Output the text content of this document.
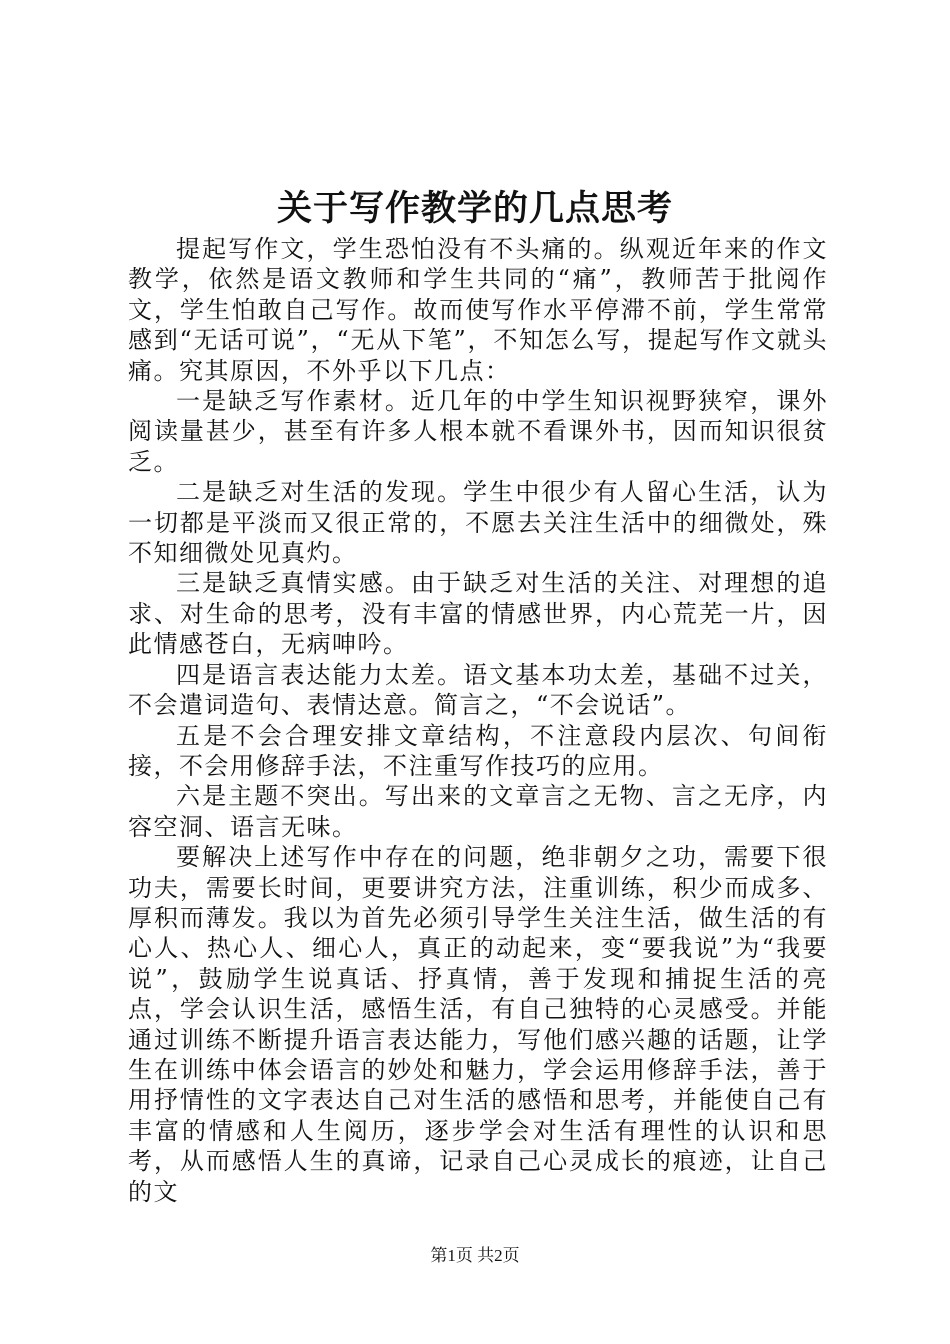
关于写作教学的几点思考

提起写作文，学生恐怕没有不头痛的。纵观近年来的作文教学，依然是语文教师和学生共同的“痛”，教师苦于批阅作文，学生怕敢自己写作。故而使写作水平停滞不前，学生常常感到“无话可说”，“无从下笔”，不知怎么写，提起写作文就头痛。究其原因，不外乎以下几点：

一是缺乏写作素材。近几年的中学生知识视野狭窄，课外阅读量甚少，甚至有许多人根本就不看课外书，因而知识很贫乏。

二是缺乏对生活的发现。学生中很少有人留心生活，认为一切都是平淡而又很正常的，不愿去关注生活中的细微处，殊不知细微处见真灼。

三是缺乏真情实感。由于缺乏对生活的关注、对理想的追求、对生命的思考，没有丰富的情感世界，内心荒芜一片，因此情感苍白，无病呻吟。

四是语言表达能力太差。语文基本功太差，基础不过关，不会遣词造句、表情达意。简言之，“不会说话”。

五是不会合理安排文章结构，不注意段内层次、句间衔接，不会用修辞手法，不注重写作技巧的应用。

六是主题不突出。写出来的文章言之无物、言之无序，内容空洞、语言无味。

要解决上述写作中存在的问题，绝非朝夕之功，需要下很功夫，需要长时间，更要讲究方法，注重训练，积少而成多、厚积而薄发。我以为首先必须引导学生关注生活，做生活的有心人、热心人、细心人，真正的动起来，变“要我说”为“我要说”，鼓励学生说真话、抒真情，善于发现和捕捉生活的亮点，学会认识生活，感悟生活，有自己独特的心灵感受。并能通过训练不断提升语言表达能力，写他们感兴趣的话题，让学生在训练中体会语言的妙处和魅力，学会运用修辞手法，善于用抒情性的文字表达自己对生活的感悟和思考，并能使自己有丰富的情感和人生阅历，逐步学会对生活有理性的认识和思考，从而感悟人生的真谛，记录自己心灵成长的痕迹，让自己的文

第1页 共2页
